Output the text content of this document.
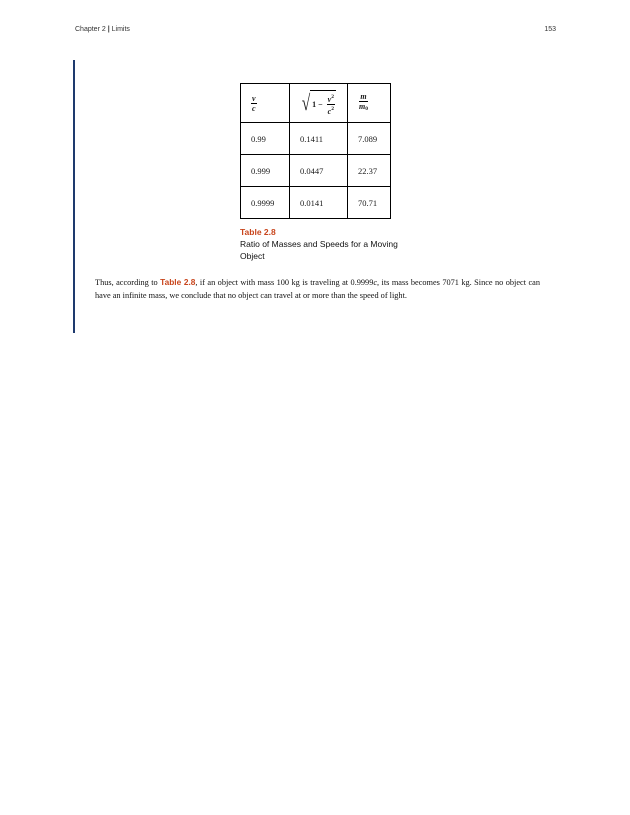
Chapter 2 | Limits	153
$\frac{v}{c}$	√ $1 - \frac{v^2}{c^2}$	$\frac{m}{m0}$

0.99	0.1411	7.089
0.999	0.0447	22.37
0.9999	0.0141	70.71
Table 2.8
Ratio of Masses and Speeds for a Moving Object
Thus, according to Table 2.8, if an object with mass 100 kg is traveling at 0.9999c, its mass becomes 7071 kg. Since no object can have an infinite mass, we conclude that no object can travel at or more than the speed of light.
